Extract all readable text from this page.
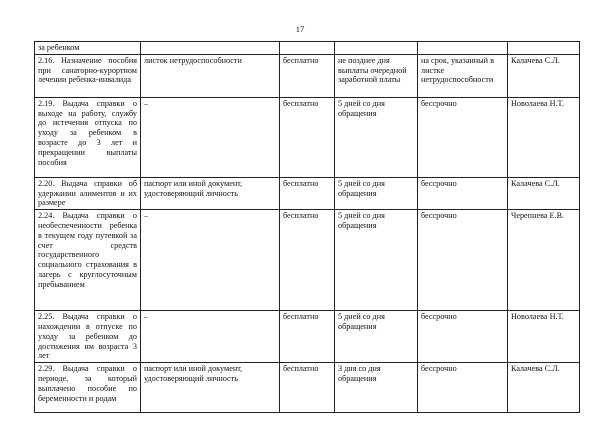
17
за ребенком					
2.16. Назначение пособия при санаторно-курортном лечении ребенка-инвалида	листок нетрудоспособности	бесплатно	не позднее дня выплаты очередной заработной платы	на срок, указанный в листке нетрудоспособности	Калачева С.Л.
2.19. Выдача справки о выходе на работу, службу до истечения отпуска по уходу за ребенком в возрасте до 3 лет и прекращении выплаты пособия	–	бесплатно	5 дней со дня обращения	бессрочно	Новолаева Н.Т.
2.20. Выдача справки об удержании алиментов и их размере	паспорт или иной документ, удостоверяющий личность	бесплатно	5 дней со дня обращения	бессрочно	Калачева С.Л.
2.24. Выдача справки о необеспеченности ребенка в текущем году путевкой за счет средств государственного социального страхования в лагерь с круглосуточным пребыванием	–	бесплатно	5 дней со дня обращения	бессрочно	Черепнева Е.В.
2.25. Выдача справки о нахождении в отпуске по уходу за ребенком до достижения им возраста 3 лет	–	бесплатно	5 дней со дня обращения	бессрочно	Новолаева Н.Т.
2.29. Выдача справки о периоде, за который выплачено пособие по беременности и родам	паспорт или иной документ, удостоверяющий личность	бесплатно	3 дня со дня обращения	бессрочно	Калачева С.Л.
